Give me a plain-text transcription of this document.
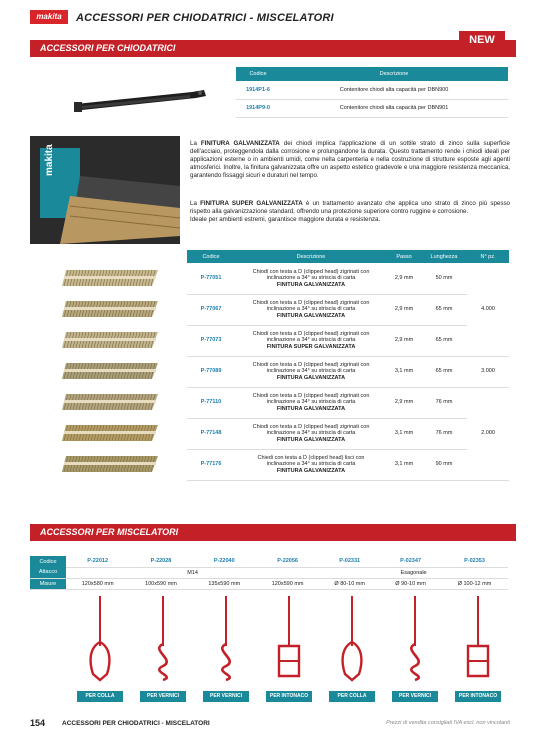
makita	ACCESSORI PER CHIODATRICI - MISCELATORI
ACCESSORI PER CHIODATRICI
NEW
Codice	Descrizione
1914P1-6	Contenitore chiodi alta capacità per DBN900
1914P9-0	Contenitore chiodi alta capacità per DBN901
makita
La FINITURA GALVANIZZATA dei chiodi implica l'applicazione di un sottile strato di zinco sulla superficie dell'acciaio, proteggendola dalla corrosione e prolungandone la durata. Questo trattamento rende i chiodi ideali per applicazioni esterne o in ambienti umidi, come nella carpenteria e nella costruzione di strutture esposte agli agenti atmosferici. Inoltre, la finitura galvanizzata offre un aspetto estetico gradevole e una maggiore resistenza meccanica, garantendo fissaggi sicuri e duraturi nel tempo.
La FINITURA SUPER GALVANIZZATA è un trattamento avanzato che applica uno strato di zinco più spesso rispetto alla galvanizzazione standard, offrendo una protezione superiore contro ruggine e corrosione.
Ideale per ambienti estremi, garantisce maggiore durata e resistenza.
Codice	Descrizione	Passo	Lunghezza	N° pz.
P-77051	Chiodi con testa a D (clipped head) zigrinati con
inclinazione a 34° su striscia di carta
FINITURA GALVANIZZATA	2,9 mm	50 mm	4.000
P-77067	Chiodi con testa a D (clipped head) zigrinati con
inclinazione a 34° su striscia di carta
FINITURA GALVANIZZATA	2,9 mm	65 mm	
P-77073	Chiodi con testa a D (clipped head) zigrinati con
inclinazione a 34° su striscia di carta
FINITURA SUPER GALVANIZZATA	2,9 mm	65 mm	
P-77089	Chiodi con testa a D (clipped head) zigrinati con
inclinazione a 34° su striscia di carta
FINITURA GALVANIZZATA	3,1 mm	65 mm	3.000
P-77110	Chiodi con testa a D (clipped head) zigrinati con
inclinazione a 34° su striscia di carta
FINITURA GALVANIZZATA	2,9 mm	76 mm	2.000
P-77148	Chiodi con testa a D (clipped head) zigrinati con
inclinazione a 34° su striscia di carta
FINITURA GALVANIZZATA	3,1 mm	76 mm	
P-77176	Chiedi con testa a D (clipped head) lisci con
inclinazione a 34° su striscia di carta
FINITURA GALVANIZZATA	3,1 mm	90 mm	
ACCESSORI PER MISCELATORI
Codice	P-22012	P-22028	P-22040	P-22056	P-02331	P-02347	P-02353
Attacco	M14				Esagonale		
Misure	120x580 mm	100x590 mm	135x590 mm	120x590 mm	Ø 80-10 mm	Ø 90-10 mm	Ø 100-12 mm
PER COLLA	PER VERNICI	PER VERNICI	PER INTONACO	PER COLLA	PER VERNICI	PER INTONACO
154	ACCESSORI PER CHIODATRICI - MISCELATORI	Prezzi di vendita consigliati IVA escl. non vincolanti
